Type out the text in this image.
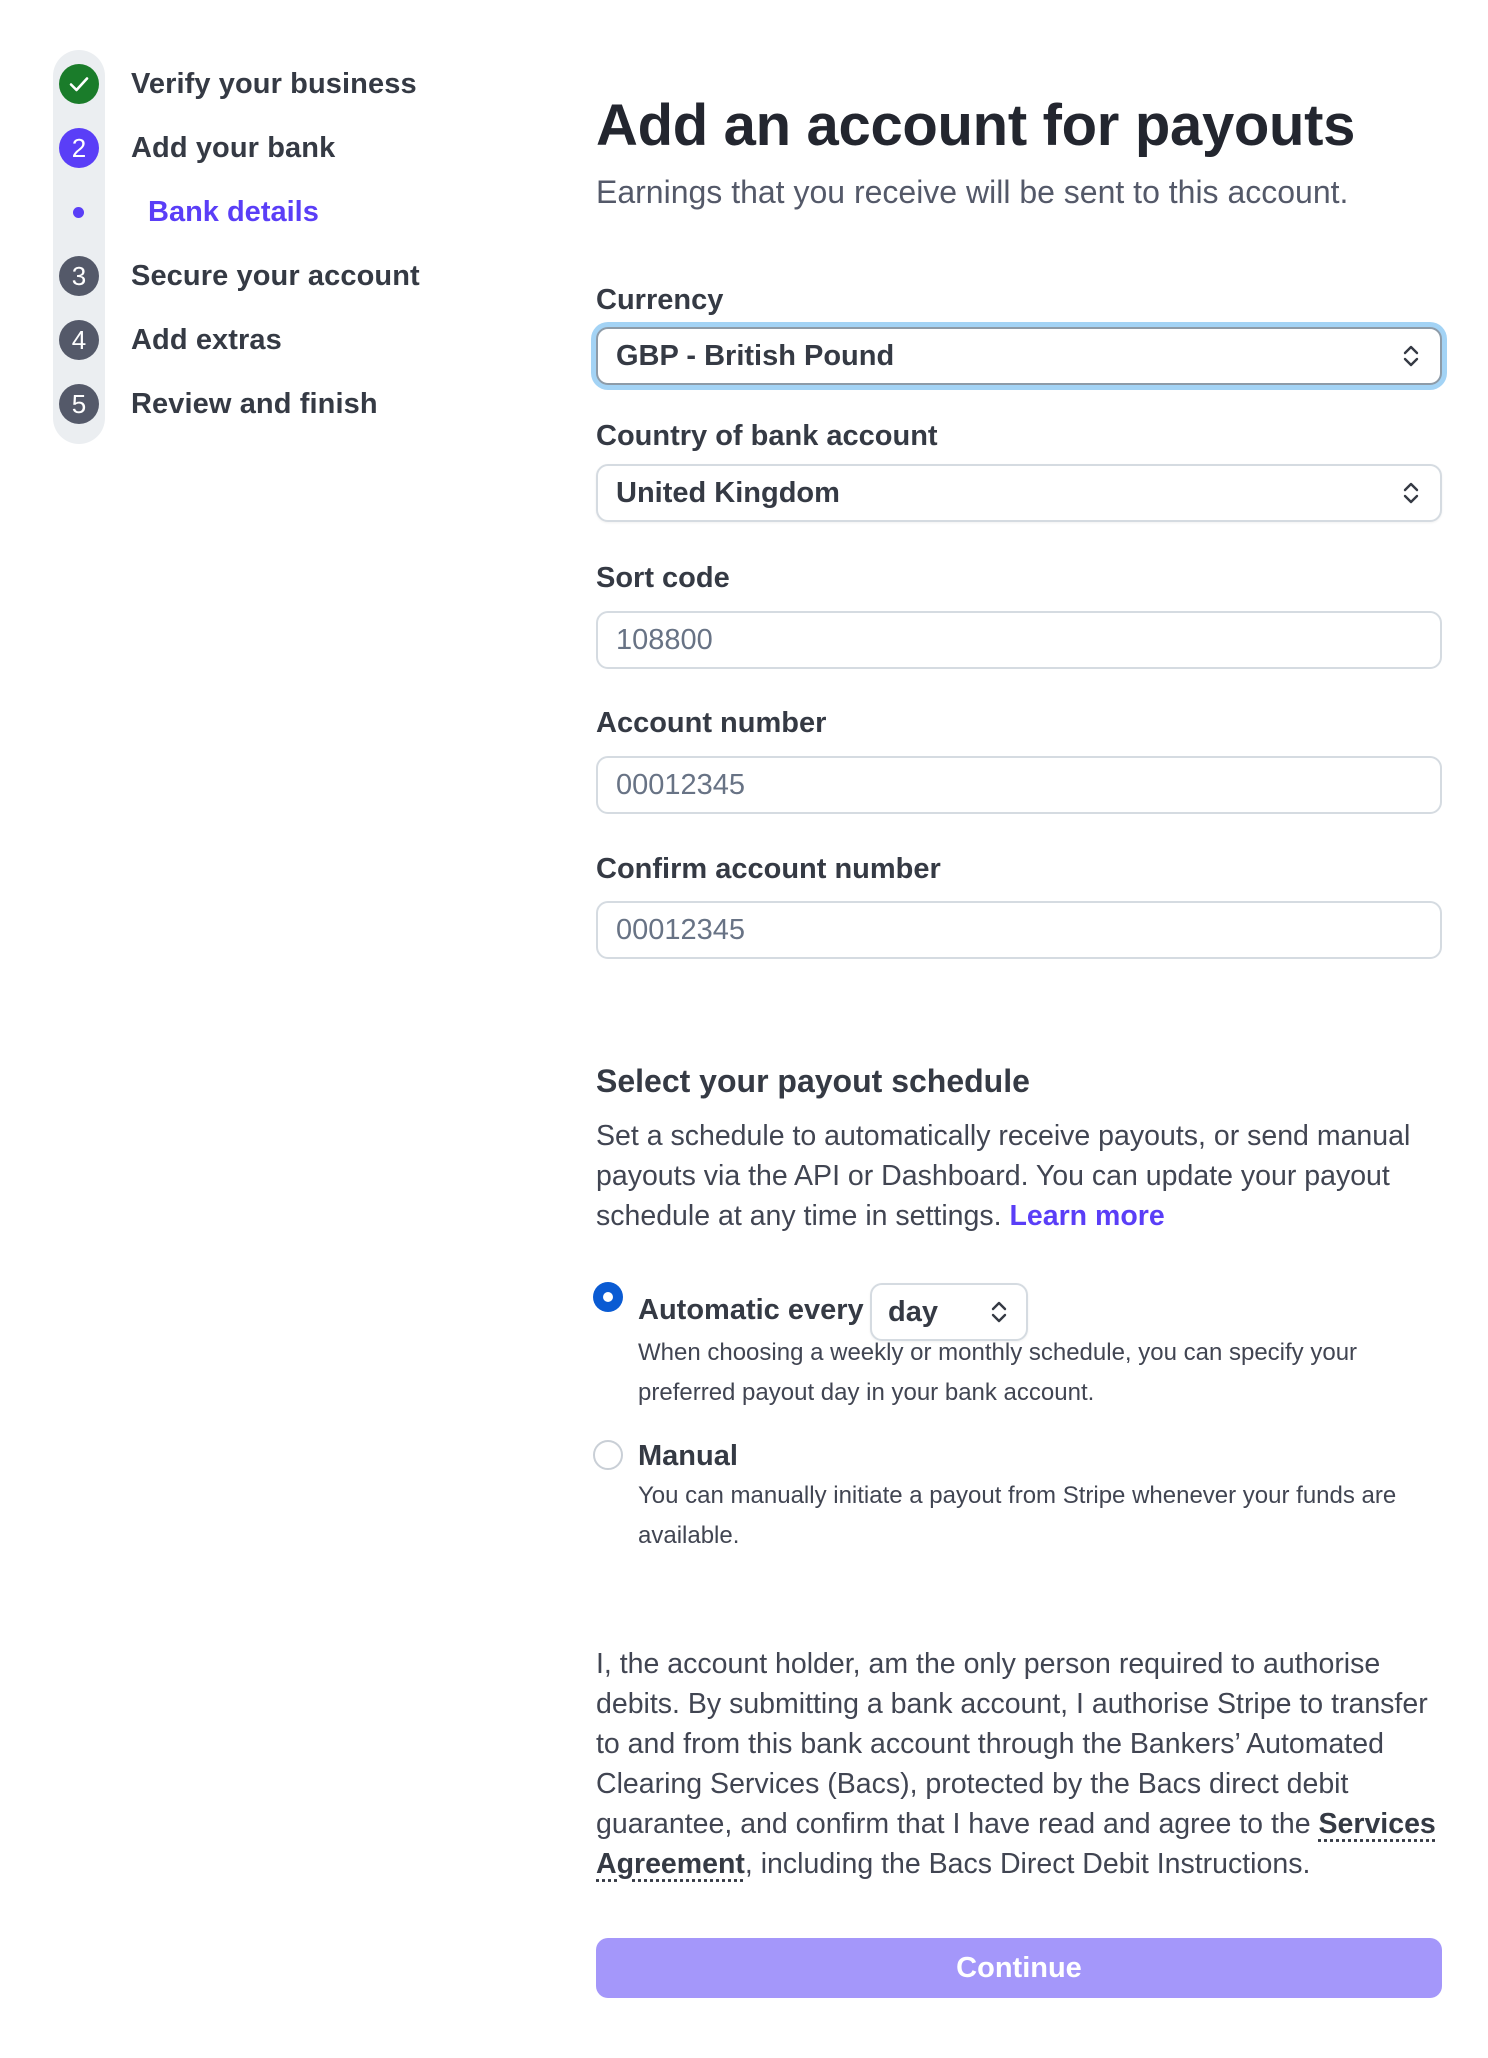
Verify your business
2	Add your bank
Bank details
3	Secure your account
4	Add extras
5	Review and finish
Add an account for payouts
Earnings that you receive will be sent to this account.
Currency
GBP - British Pound
Country of bank account
United Kingdom
Sort code
108800
Account number
00012345
Confirm account number
00012345
Select your payout schedule
Set a schedule to automatically receive payouts, or send manual payouts via the API or Dashboard. You can update your payout schedule at any time in settings. Learn more
Automatic every day
When choosing a weekly or monthly schedule, you can specify your preferred payout day in your bank account.
Manual
You can manually initiate a payout from Stripe whenever your funds are available.
I, the account holder, am the only person required to authorise debits. By submitting a bank account, I authorise Stripe to transfer to and from this bank account through the Bankers’ Automated Clearing Services (Bacs), protected by the Bacs direct debit guarantee, and confirm that I have read and agree to the Services Agreement, including the Bacs Direct Debit Instructions.
Continue
